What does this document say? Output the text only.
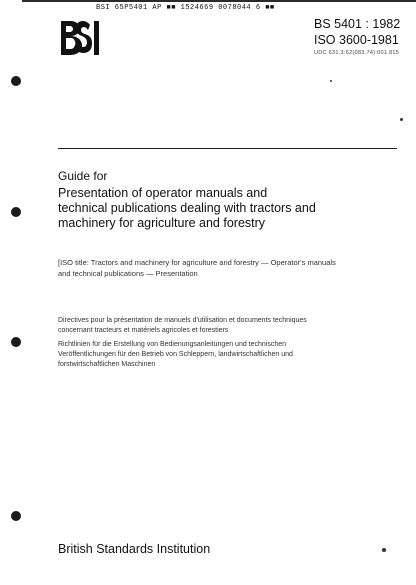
BSI 65P5401 AP ■■ 1524669 0078044 6 ■■
BS 5401 : 1982
ISO 3600-1981
UDC 631.3:62(083.74):001.815
Guide for
Presentation of operator manuals and
technical publications dealing with tractors and
machinery for agriculture and forestry
[ISO title: Tractors and machinery for agriculture and forestry — Operator's manuals
and technical publications — Presentation
Directives pour la présentation de manuels d'utilisation et documents techniques
concernant tracteurs et matériels agricoles et forestiers
Richtlinien für die Erstellung von Bedienungsanleitungen und technischen
Veröffentlichungen für den Betrieb von Schleppern, landwirtschaftlichen und
forstwirtschaftlichen Maschinen
British Standards Institution
